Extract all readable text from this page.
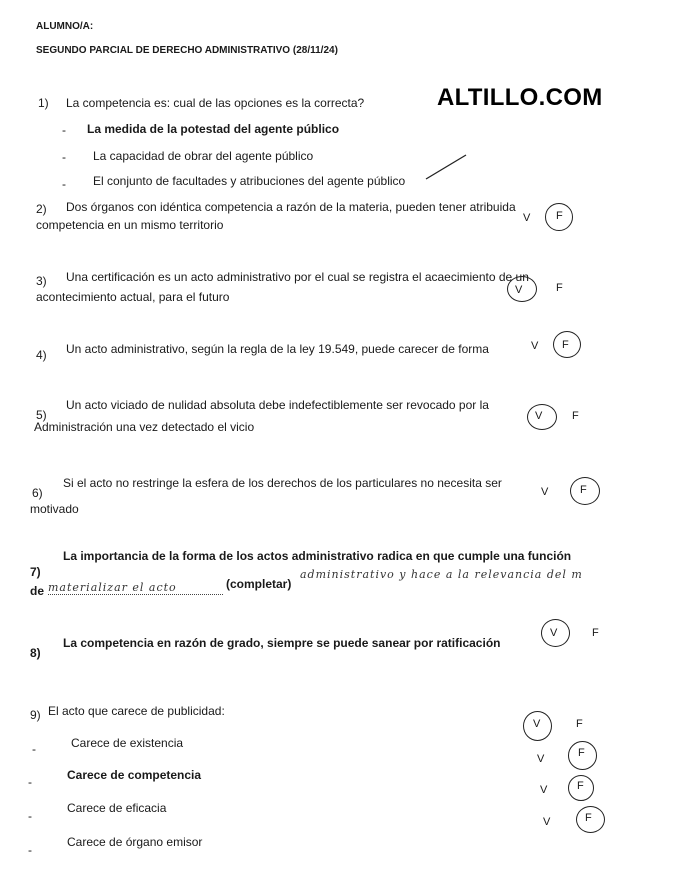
ALUMNO/A:
SEGUNDO PARCIAL DE DERECHO ADMINISTRATIVO (28/11/24)
ALTILLO.COM
1) La competencia es: cual de las opciones es la correcta?
- La medida de la potestad del agente público
- La capacidad de obrar del agente público
- El conjunto de facultades y atribuciones del agente público
2) Dos órganos con idéntica competencia a razón de la materia, pueden tener atribuida
competencia en un mismo territorio	V F
3) Una certificación es un acto administrativo por el cual se registra el acaecimiento de un
acontecimiento actual, para el futuro	V	F
4) Un acto administrativo, según la regla de la ley 19.549, puede carecer de forma	V F
5)
Un acto viciado de nulidad absoluta debe indefectiblemente ser revocado por la
Administración una vez detectado el vicio
V	F
6)
Si el acto no restringe la esfera de los derechos de los particulares no necesita ser
motivado
V	F
7)
La importancia de la forma de los actos administrativo radica en que cumple una función
de materializar el acto	(completar)
administrativo y hace a la relevancia del m
8)
La competencia en razón de grado, siempre se puede sanear por ratificación
V	F
9) El acto que carece de publicidad:
-	Carece de existencia
V	F
-	Carece de competencia
V	F
-
Carece de eficacia
V	F
-
Carece de órgano emisor
V	F
